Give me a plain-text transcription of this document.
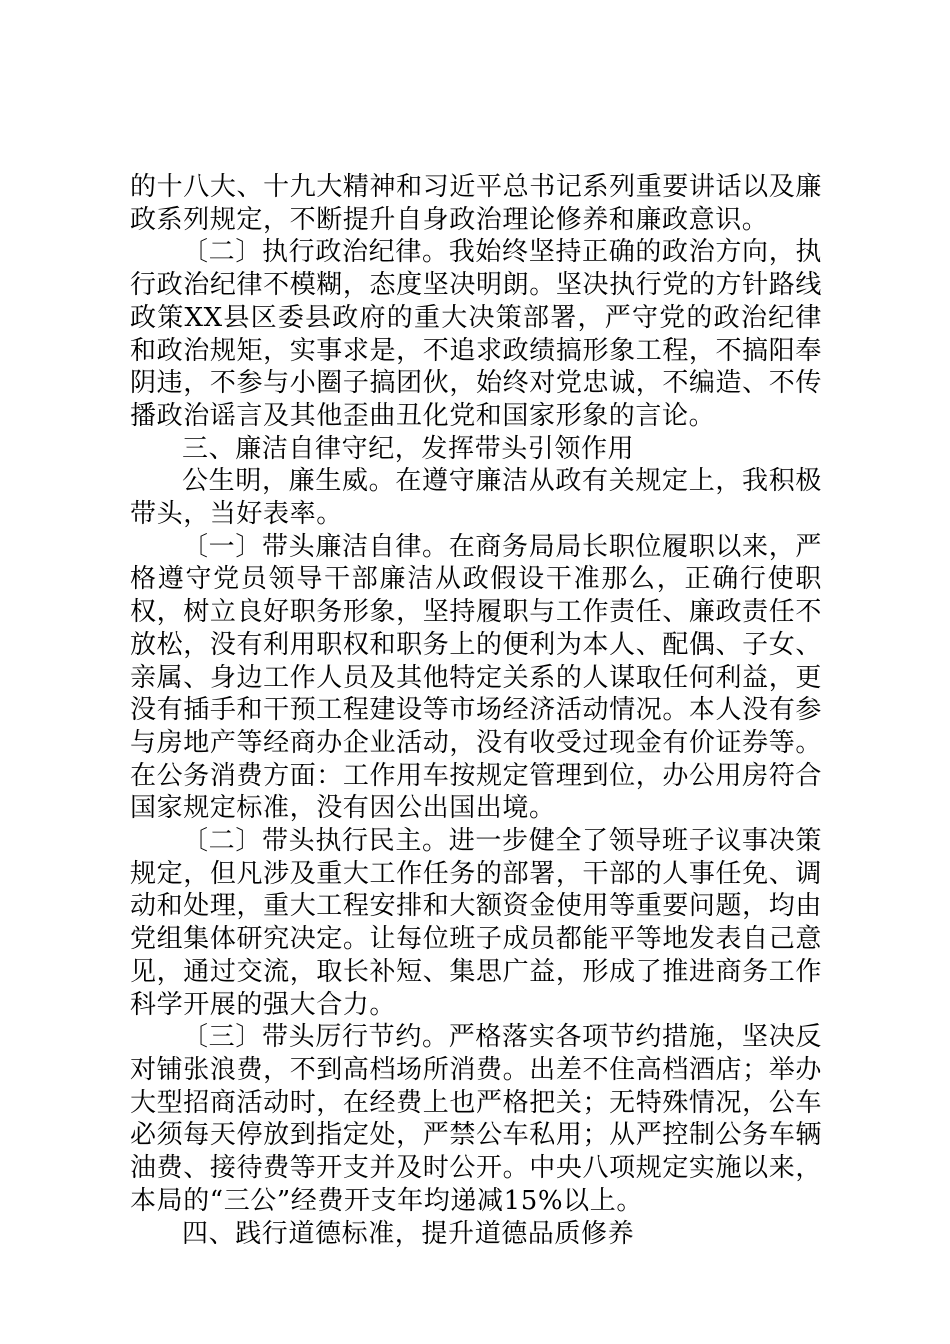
的十八大、十九大精神和习近平总书记系列重要讲话以及廉政系列规定，不断提升自身政治理论修养和廉政意识。

〔二〕执行政治纪律。我始终坚持正确的政治方向，执行政治纪律不模糊，态度坚决明朗。坚决执行党的方针路线政策XX县区委县政府的重大决策部署，严守党的政治纪律和政治规矩，实事求是，不追求政绩搞形象工程，不搞阳奉阴违，不参与小圈子搞团伙，始终对党忠诚，不编造、不传播政治谣言及其他歪曲丑化党和国家形象的言论。

三、廉洁自律守纪，发挥带头引领作用

公生明，廉生威。在遵守廉洁从政有关规定上，我积极带头，当好表率。

〔一〕带头廉洁自律。在商务局局长职位履职以来，严格遵守党员领导干部廉洁从政假设干准那么，正确行使职权，树立良好职务形象，坚持履职与工作责任、廉政责任不放松，没有利用职权和职务上的便利为本人、配偶、子女、亲属、身边工作人员及其他特定关系的人谋取任何利益，更没有插手和干预工程建设等市场经济活动情况。本人没有参与房地产等经商办企业活动，没有收受过现金有价证券等。在公务消费方面：工作用车按规定管理到位，办公用房符合国家规定标准，没有因公出国出境。

〔二〕带头执行民主。进一步健全了领导班子议事决策规定，但凡涉及重大工作任务的部署，干部的人事任免、调动和处理，重大工程安排和大额资金使用等重要问题，均由党组集体研究决定。让每位班子成员都能平等地发表自己意见，通过交流，取长补短、集思广益，形成了推进商务工作科学开展的强大合力。

〔三〕带头厉行节约。严格落实各项节约措施，坚决反对铺张浪费，不到高档场所消费。出差不住高档酒店；举办大型招商活动时，在经费上也严格把关；无特殊情况，公车必须每天停放到指定处，严禁公车私用；从严控制公务车辆油费、接待费等开支并及时公开。中央八项规定实施以来，本局的“三公”经费开支年均递减15%以上。

四、践行道德标准，提升道德品质修养
